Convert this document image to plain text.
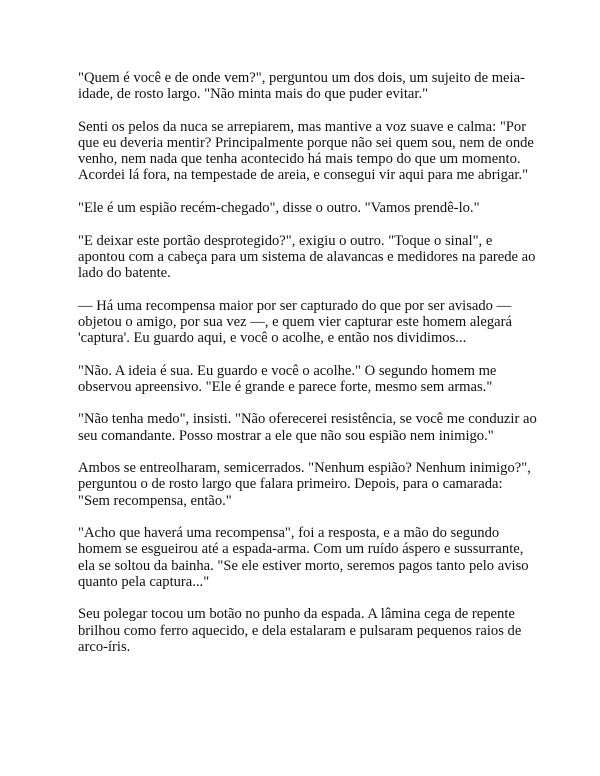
"Quem é você e de onde vem?", perguntou um dos dois, um sujeito de meia-idade, de rosto largo. "Não minta mais do que puder evitar."

Senti os pelos da nuca se arrepiarem, mas mantive a voz suave e calma: "Por que eu deveria mentir? Principalmente porque não sei quem sou, nem de onde venho, nem nada que tenha acontecido há mais tempo do que um momento. Acordei lá fora, na tempestade de areia, e consegui vir aqui para me abrigar."

"Ele é um espião recém-chegado", disse o outro. "Vamos prendê-lo."

"E deixar este portão desprotegido?", exigiu o outro. "Toque o sinal", e apontou com a cabeça para um sistema de alavancas e medidores na parede ao lado do batente.

— Há uma recompensa maior por ser capturado do que por ser avisado — objetou o amigo, por sua vez —, e quem vier capturar este homem alegará 'captura'. Eu guardo aqui, e você o acolhe, e então nos dividimos...

"Não. A ideia é sua. Eu guardo e você o acolhe." O segundo homem me observou apreensivo. "Ele é grande e parece forte, mesmo sem armas."

"Não tenha medo", insisti. "Não oferecerei resistência, se você me conduzir ao seu comandante. Posso mostrar a ele que não sou espião nem inimigo."

Ambos se entreolharam, semicerrados. "Nenhum espião? Nenhum inimigo?", perguntou o de rosto largo que falara primeiro. Depois, para o camarada: "Sem recompensa, então."

"Acho que haverá uma recompensa", foi a resposta, e a mão do segundo homem se esgueirou até a espada-arma. Com um ruído áspero e sussurrante, ela se soltou da bainha. "Se ele estiver morto, seremos pagos tanto pelo aviso quanto pela captura..."

Seu polegar tocou um botão no punho da espada. A lâmina cega de repente brilhou como ferro aquecido, e dela estalaram e pulsaram pequenos raios de arco-íris.
